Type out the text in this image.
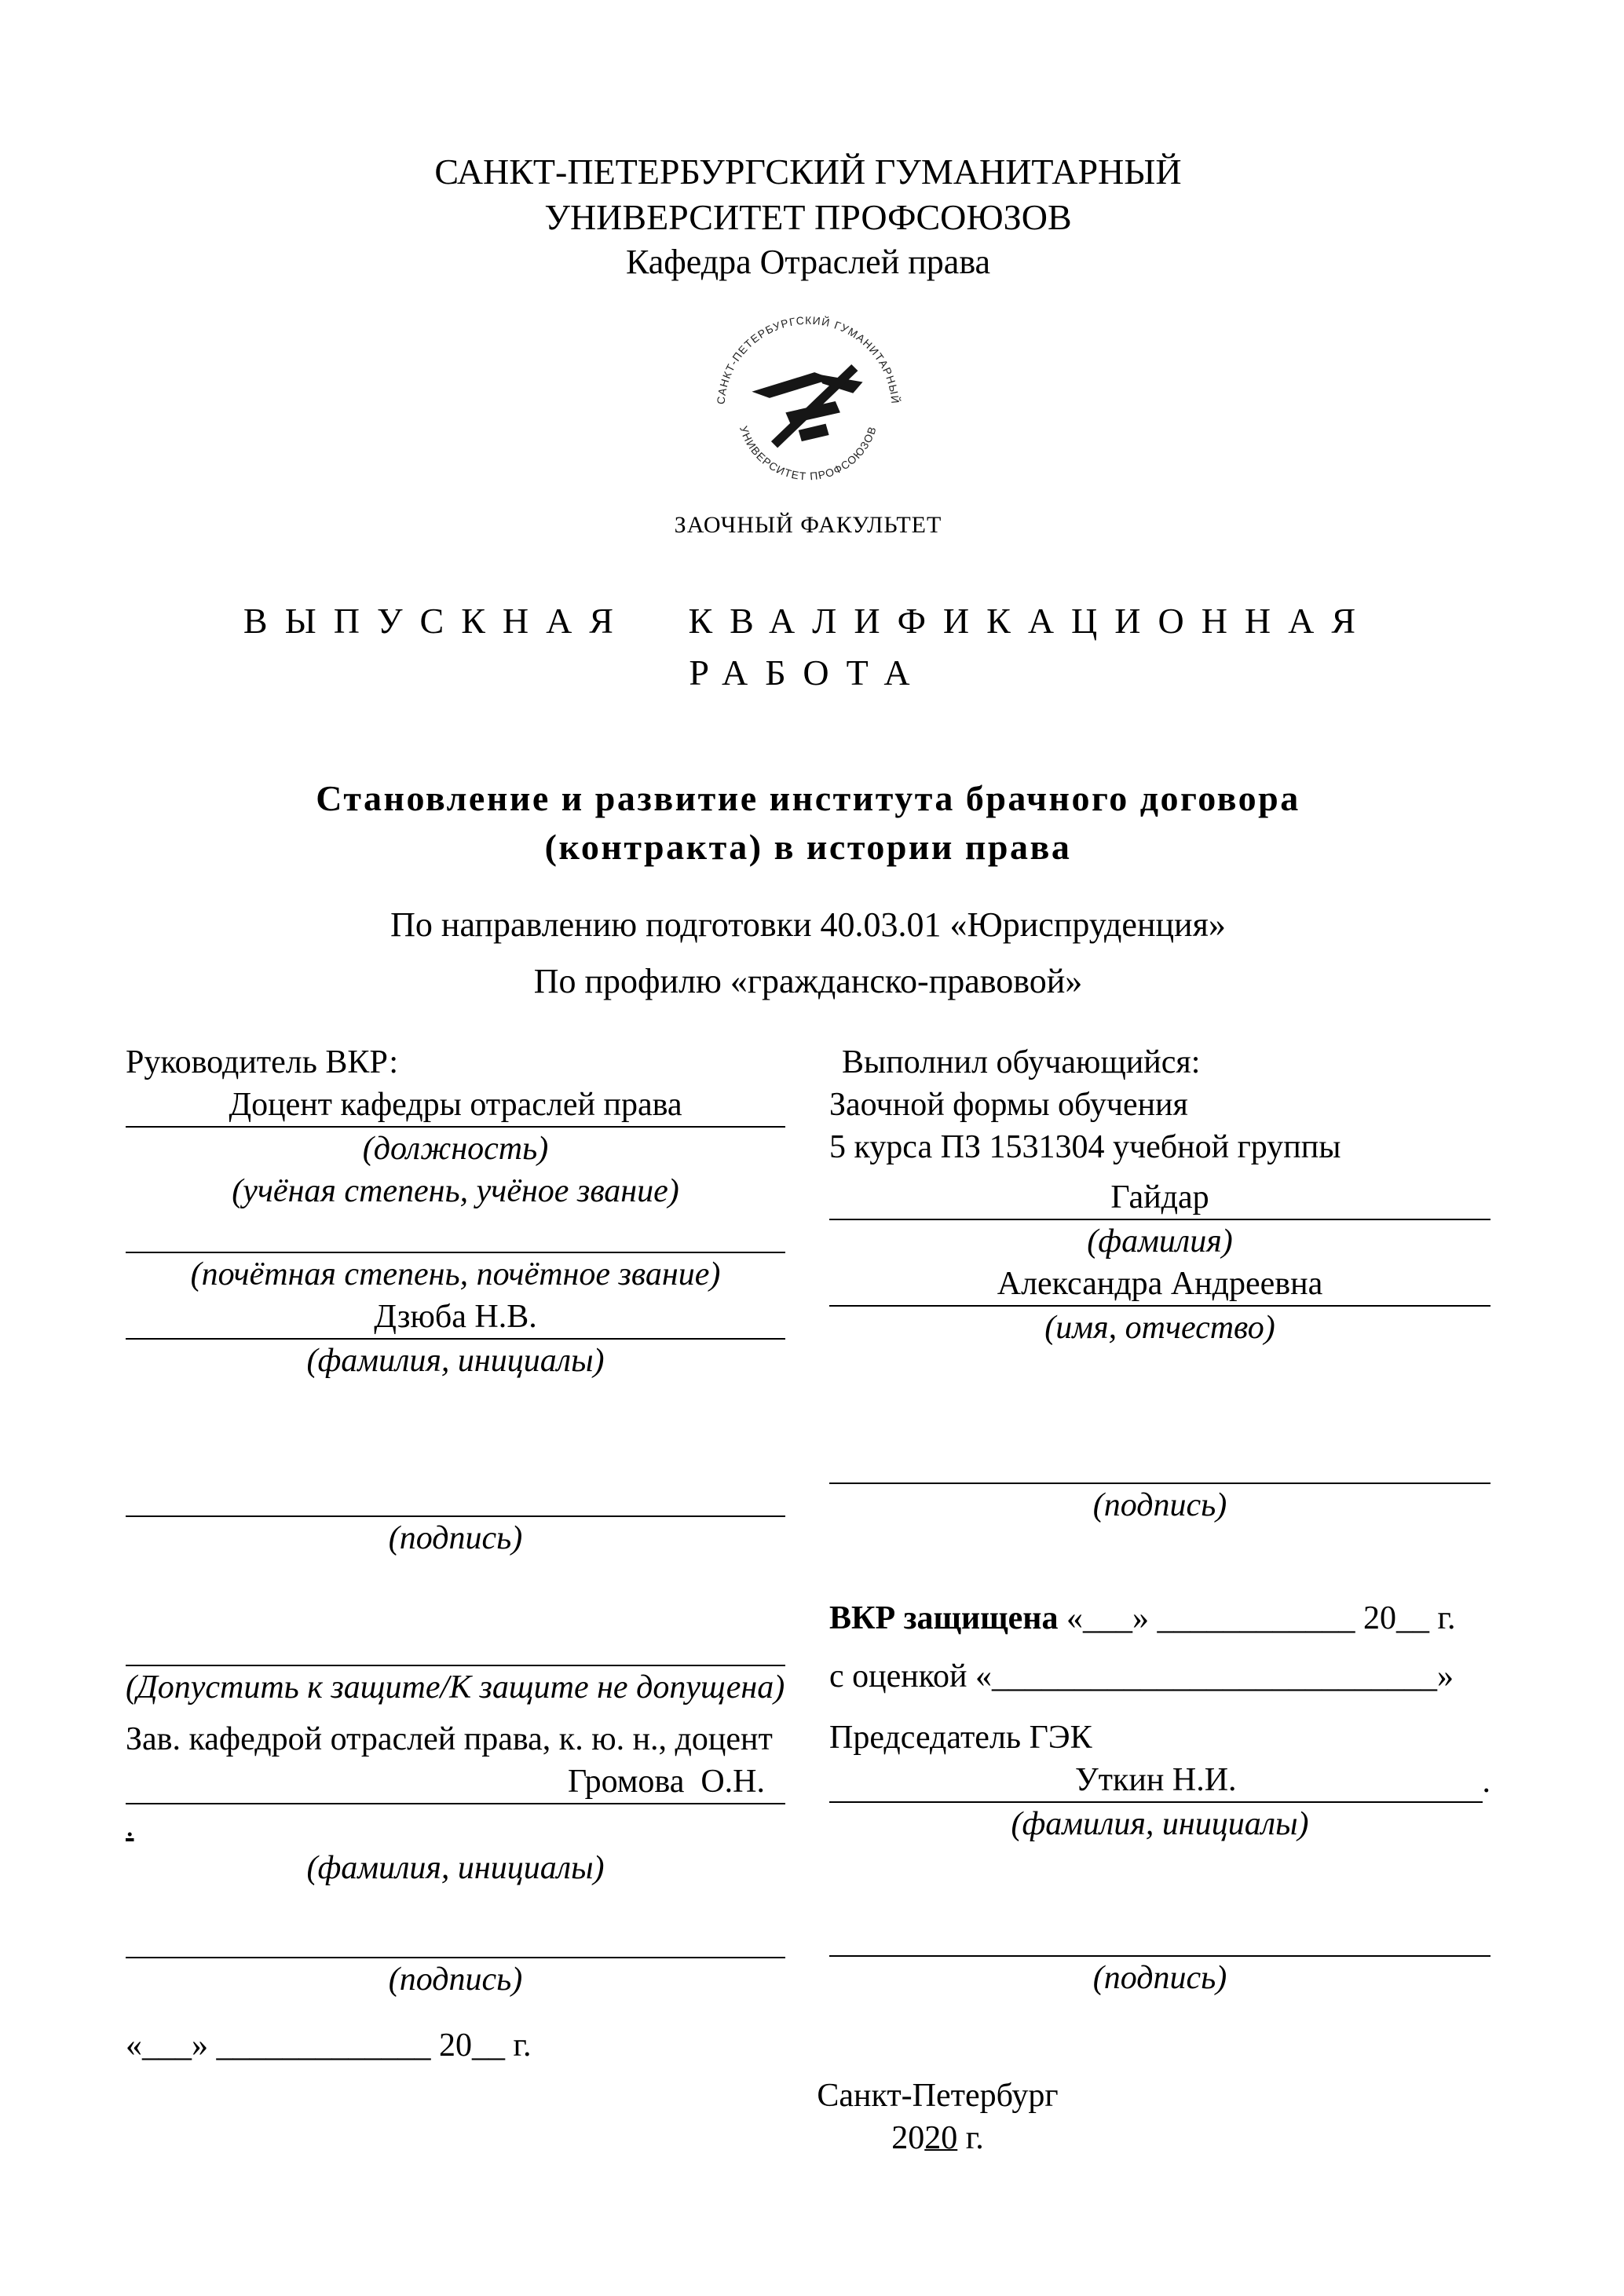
САНКТ-ПЕТЕРБУРГСКИЙ ГУМАНИТАРНЫЙ
УНИВЕРСИТЕТ ПРОФСОЮЗОВ
Кафедра Отраслей права
САНКТ-ПЕТЕРБУРГСКИЙ ГУМАНИТАРНЫЙ
УНИВЕРСИТЕТ ПРОФСОЮЗОВ
ЗАОЧНЫЙ ФАКУЛЬТЕТ
ВЫПУСКНАЯ КВАЛИФИКАЦИОННАЯ
РАБОТА
Становление и развитие института брачного договора
(контракта) в истории права
По направлению подготовки 40.03.01 «Юриспруденция»
По профилю «гражданско-правовой»
Руководитель ВКР:
Доцент кафедры отраслей права
(должность)
(учёная степень, учёное звание)
(почётная степень, почётное звание)
Дзюба Н.В.
(фамилия, инициалы)
(подпись)
(Допустить к защите/К защите не допущена)
Зав. кафедрой отраслей права, к. ю. н., доцент
Громова  О.Н.
.
(фамилия, инициалы)
(подпись)
«___» _____________ 20__ г.
Выполнил обучающийся:
Заочной формы обучения
5 курса ПЗ 1531304 учебной группы
Гайдар
(фамилия)
Александра Андреевна
(имя, отчество)
(подпись)
ВКР защищена «___» ____________ 20__ г.
с оценкой «___________________________»
Председатель ГЭК
Уткин Н.И.	.
(фамилия, инициалы)
(подпись)
Санкт-Петербург
2020 г.
